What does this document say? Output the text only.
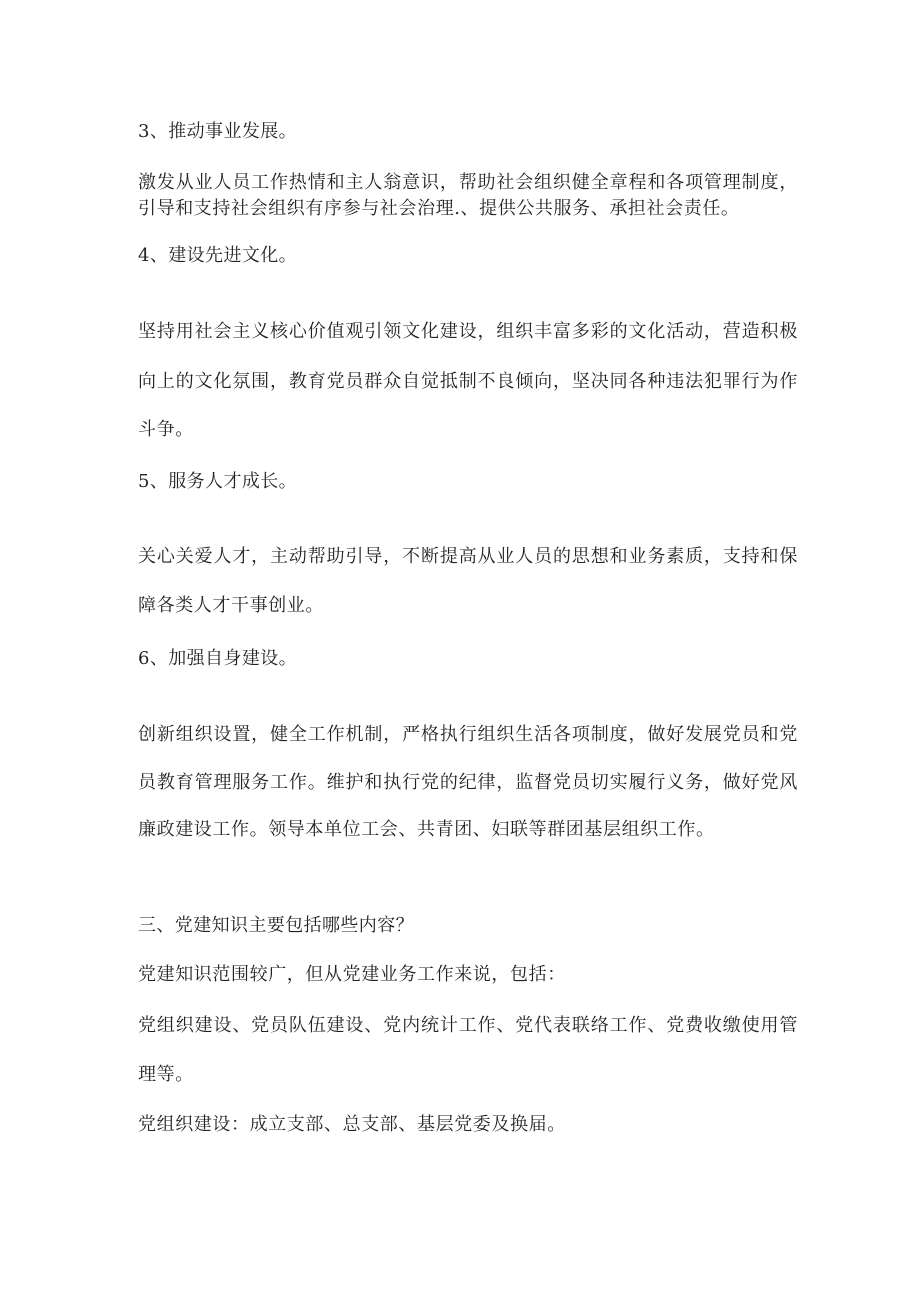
3、推动事业发展。
激发从业人员工作热情和主人翁意识，帮助社会组织健全章程和各项管理制度，
引导和支持社会组织有序参与社会治理.、提供公共服务、承担社会责任。
4、建设先进文化。
坚持用社会主义核心价值观引领文化建设，组织丰富多彩的文化活动，营造积极
向上的文化氛围，教育党员群众自觉抵制不良倾向，坚决同各种违法犯罪行为作
斗争。
5、服务人才成长。
关心关爱人才，主动帮助引导，不断提高从业人员的思想和业务素质，支持和保
障各类人才干事创业。
6、加强自身建设。
创新组织设置，健全工作机制，严格执行组织生活各项制度，做好发展党员和党
员教育管理服务工作。维护和执行党的纪律，监督党员切实履行义务，做好党风
廉政建设工作。领导本单位工会、共青团、妇联等群团基层组织工作。
三、党建知识主要包括哪些内容？
党建知识范围较广，但从党建业务工作来说，包括：
党组织建设、党员队伍建设、党内统计工作、党代表联络工作、党费收缴使用管
理等。
党组织建设：成立支部、总支部、基层党委及换届。
